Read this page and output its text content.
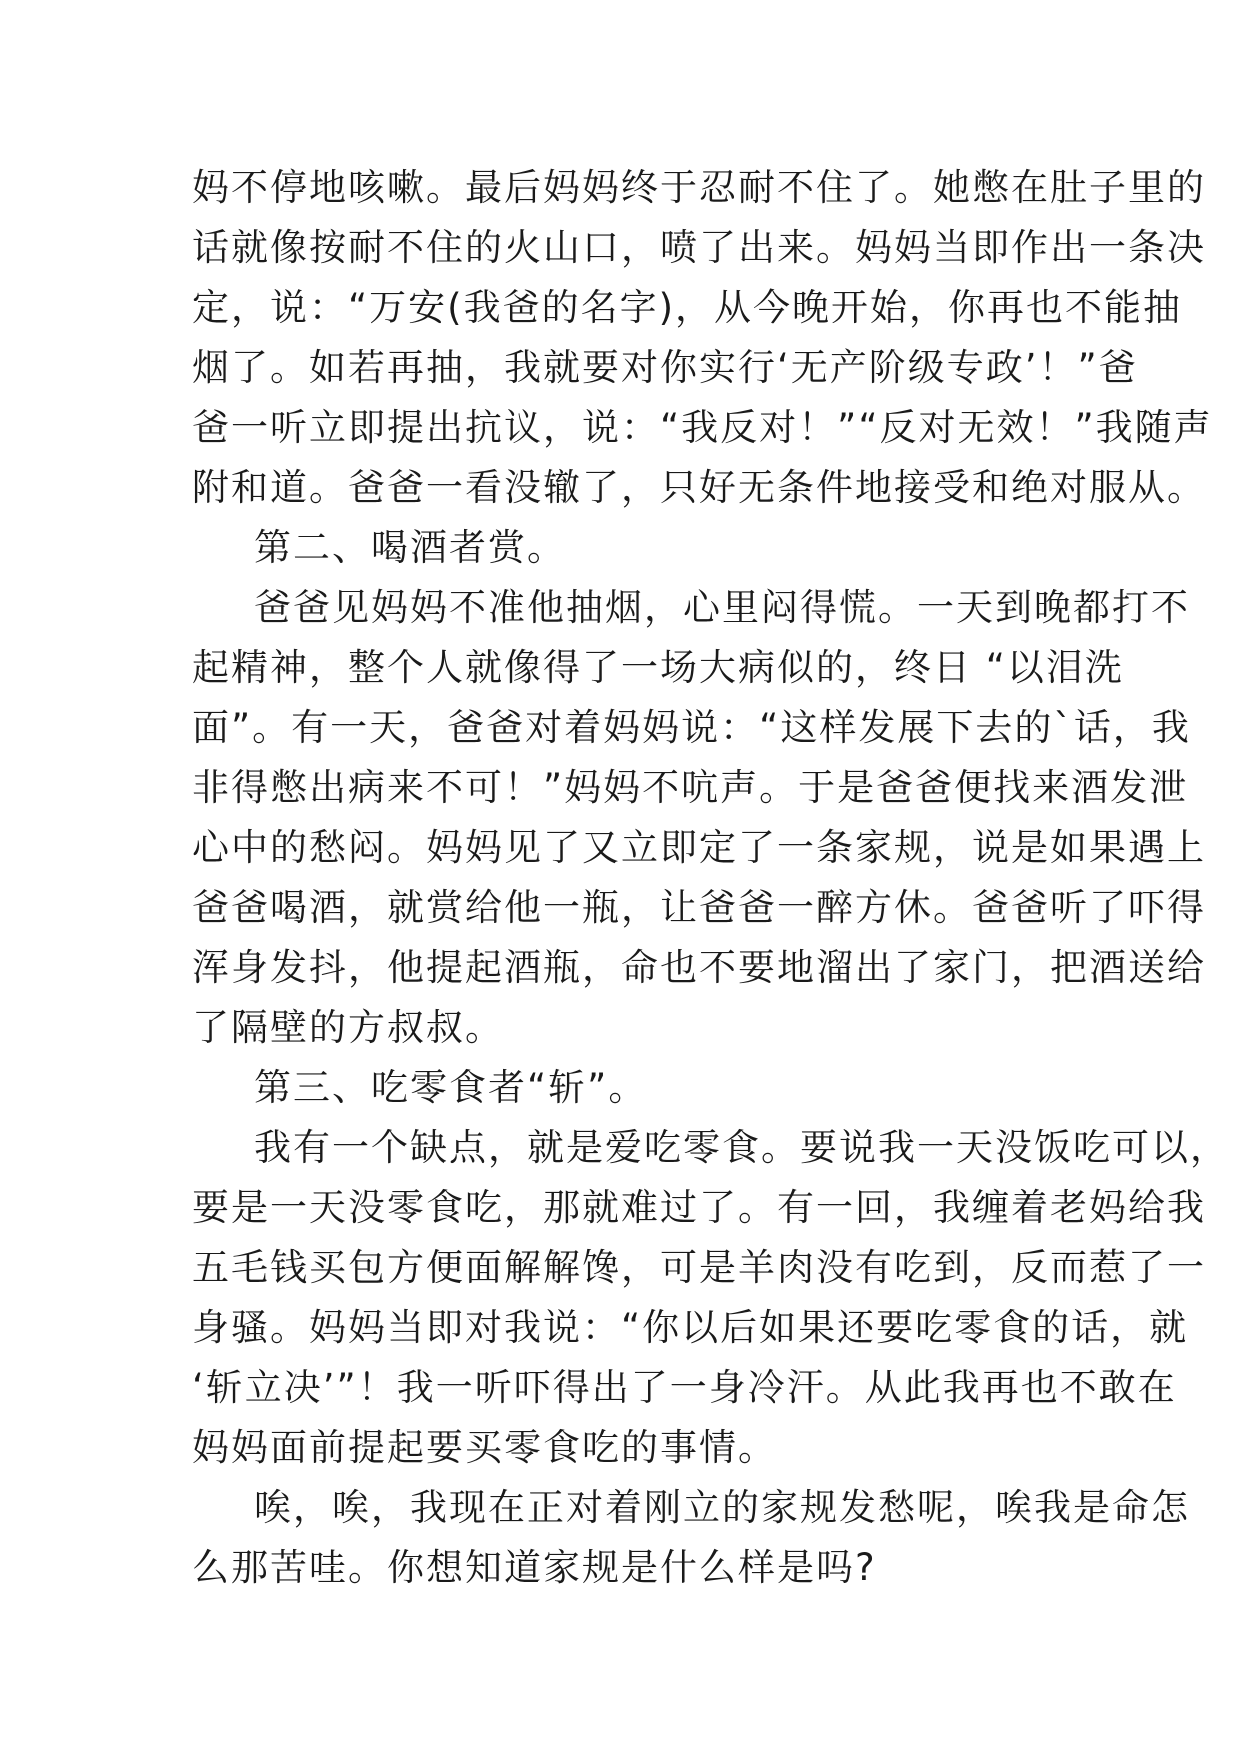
妈不停地咳嗽。最后妈妈终于忍耐不住了。她憋在肚子里的
话就像按耐不住的火山口，喷了出来。妈妈当即作出一条决
定，说：“万安(我爸的名字)，从今晚开始，你再也不能抽
烟了。如若再抽，我就要对你实行‘无产阶级专政’！”爸
爸一听立即提出抗议，说：“我反对！”“反对无效！”我随声
附和道。爸爸一看没辙了，只好无条件地接受和绝对服从。
第二、喝酒者赏。
爸爸见妈妈不准他抽烟，心里闷得慌。一天到晚都打不
起精神，整个人就像得了一场大病似的，终日 “以泪洗
面”。有一天，爸爸对着妈妈说：“这样发展下去的`话，我
非得憋出病来不可！”妈妈不吭声。于是爸爸便找来酒发泄
心中的愁闷。妈妈见了又立即定了一条家规，说是如果遇上
爸爸喝酒，就赏给他一瓶，让爸爸一醉方休。爸爸听了吓得
浑身发抖，他提起酒瓶，命也不要地溜出了家门，把酒送给
了隔壁的方叔叔。
第三、吃零食者“斩”。
我有一个缺点，就是爱吃零食。要说我一天没饭吃可以，
要是一天没零食吃，那就难过了。有一回，我缠着老妈给我
五毛钱买包方便面解解馋，可是羊肉没有吃到，反而惹了一
身骚。妈妈当即对我说：“你以后如果还要吃零食的话，就
‘斩立决’”！我一听吓得出了一身冷汗。从此我再也不敢在
妈妈面前提起要买零食吃的事情。
唉，唉，我现在正对着刚立的家规发愁呢，唉我是命怎
么那苦哇。你想知道家规是什么样是吗?
